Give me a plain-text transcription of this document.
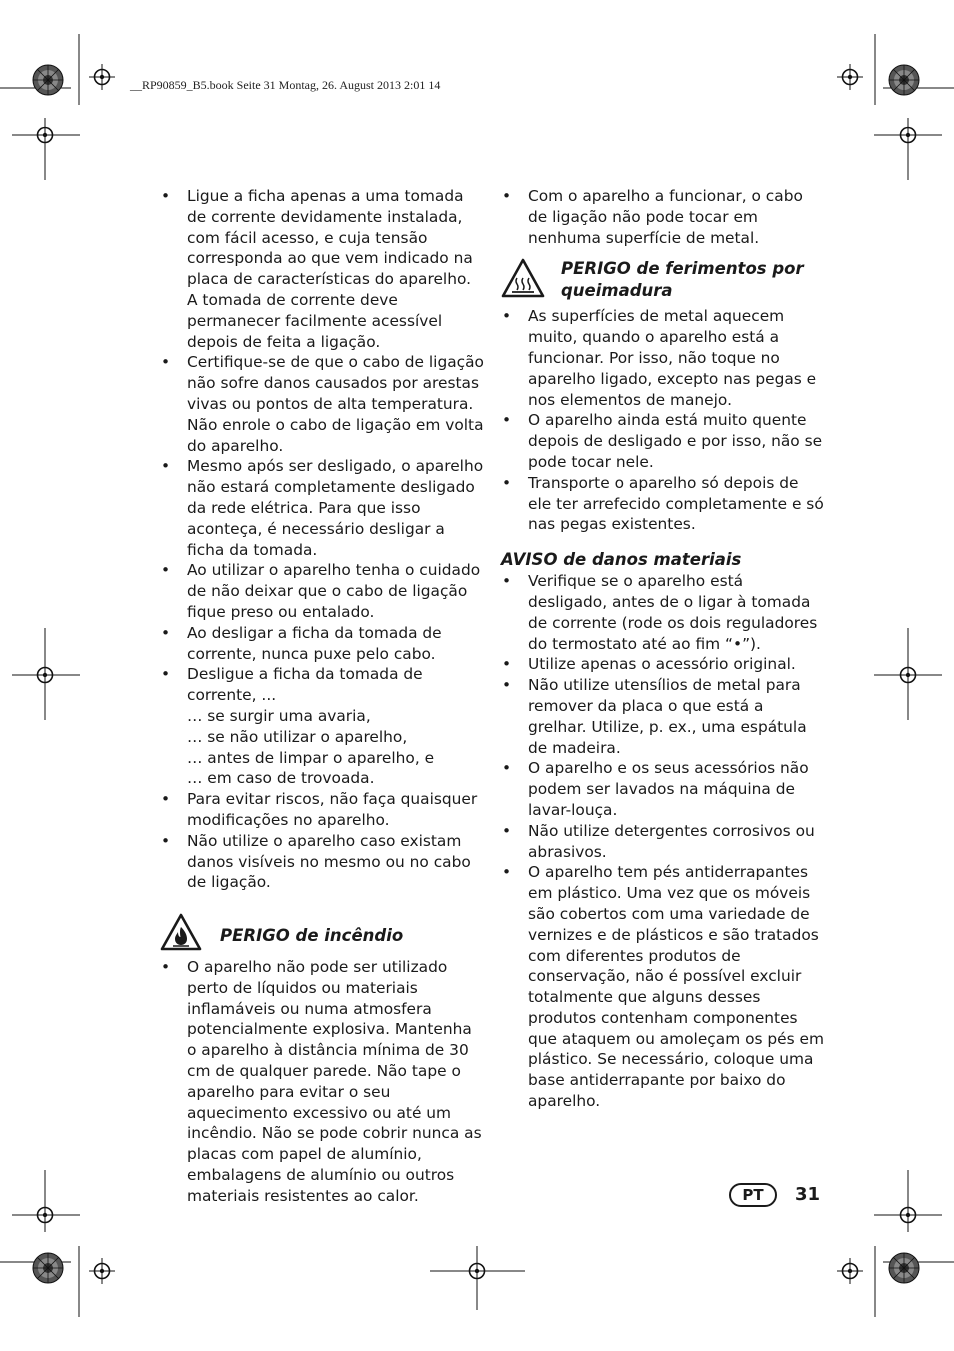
__RP90859_B5.book Seite 31 Montag, 26. August 2013 2:01 14
• Ligue a ficha apenas a uma tomada de corrente devidamente instalada, com fácil acesso, e cuja tensão corresponda ao que vem indicado na placa de características do aparelho. A tomada de corrente deve permanecer facilmente acessível depois de feita a ligação.
• Certifique-se de que o cabo de ligação não sofre danos causados por arestas vivas ou pontos de alta temperatura. Não enrole o cabo de ligação em volta do aparelho.
• Mesmo após ser desligado, o aparelho não estará completamente desligado da rede elétrica. Para que isso aconteça, é necessário desligar a ficha da tomada.
• Ao utilizar o aparelho tenha o cuidado de não deixar que o cabo de ligação fique preso ou entalado.
• Ao desligar a ficha da tomada de corrente, nunca puxe pelo cabo.
• Desligue a ficha da tomada de corrente, ...
… se surgir uma avaria,
… se não utilizar o aparelho,
… antes de limpar o aparelho, e
… em caso de trovoada.
• Para evitar riscos, não faça quaisquer modificações no aparelho.
• Não utilize o aparelho caso existam danos visíveis no mesmo ou no cabo de ligação.
PERIGO de incêndio
• O aparelho não pode ser utilizado perto de líquidos ou materiais inflamáveis ou numa atmosfera potencialmente explosiva. Mantenha o aparelho à distância mínima de 30 cm de qualquer parede. Não tape o aparelho para evitar o seu aquecimento excessivo ou até um incêndio. Não se pode cobrir nunca as placas com papel de alumínio, embalagens de alumínio ou outros materiais resistentes ao calor.
• Com o aparelho a funcionar, o cabo de ligação não pode tocar em nenhuma superfície de metal.
PERIGO de ferimentos por queimadura
• As superfícies de metal aquecem muito, quando o aparelho está a funcionar. Por isso, não toque no aparelho ligado, excepto nas pegas e nos elementos de manejo.
• O aparelho ainda está muito quente depois de desligado e por isso, não se pode tocar nele.
• Transporte o aparelho só depois de ele ter arrefecido completamente e só nas pegas existentes.
AVISO de danos materiais
• Verifique se o aparelho está desligado, antes de o ligar à tomada de corrente (rode os dois reguladores do termostato até ao fim “•”).
• Utilize apenas o acessório original.
• Não utilize utensílios de metal para remover da placa o que está a grelhar. Utilize, p. ex., uma espátula de madeira.
• O aparelho e os seus acessórios não podem ser lavados na máquina de lavar-louça.
• Não utilize detergentes corrosivos ou abrasivos.
• O aparelho tem pés antiderrapantes em plástico. Uma vez que os móveis são cobertos com uma variedade de vernizes e de plásticos e são tratados com diferentes produtos de conservação, não é possível excluir totalmente que alguns desses produtos contenham componentes que ataquem ou amoleçam os pés em plástico. Se necessário, coloque uma base antiderrapante por baixo do aparelho.
PT	31
